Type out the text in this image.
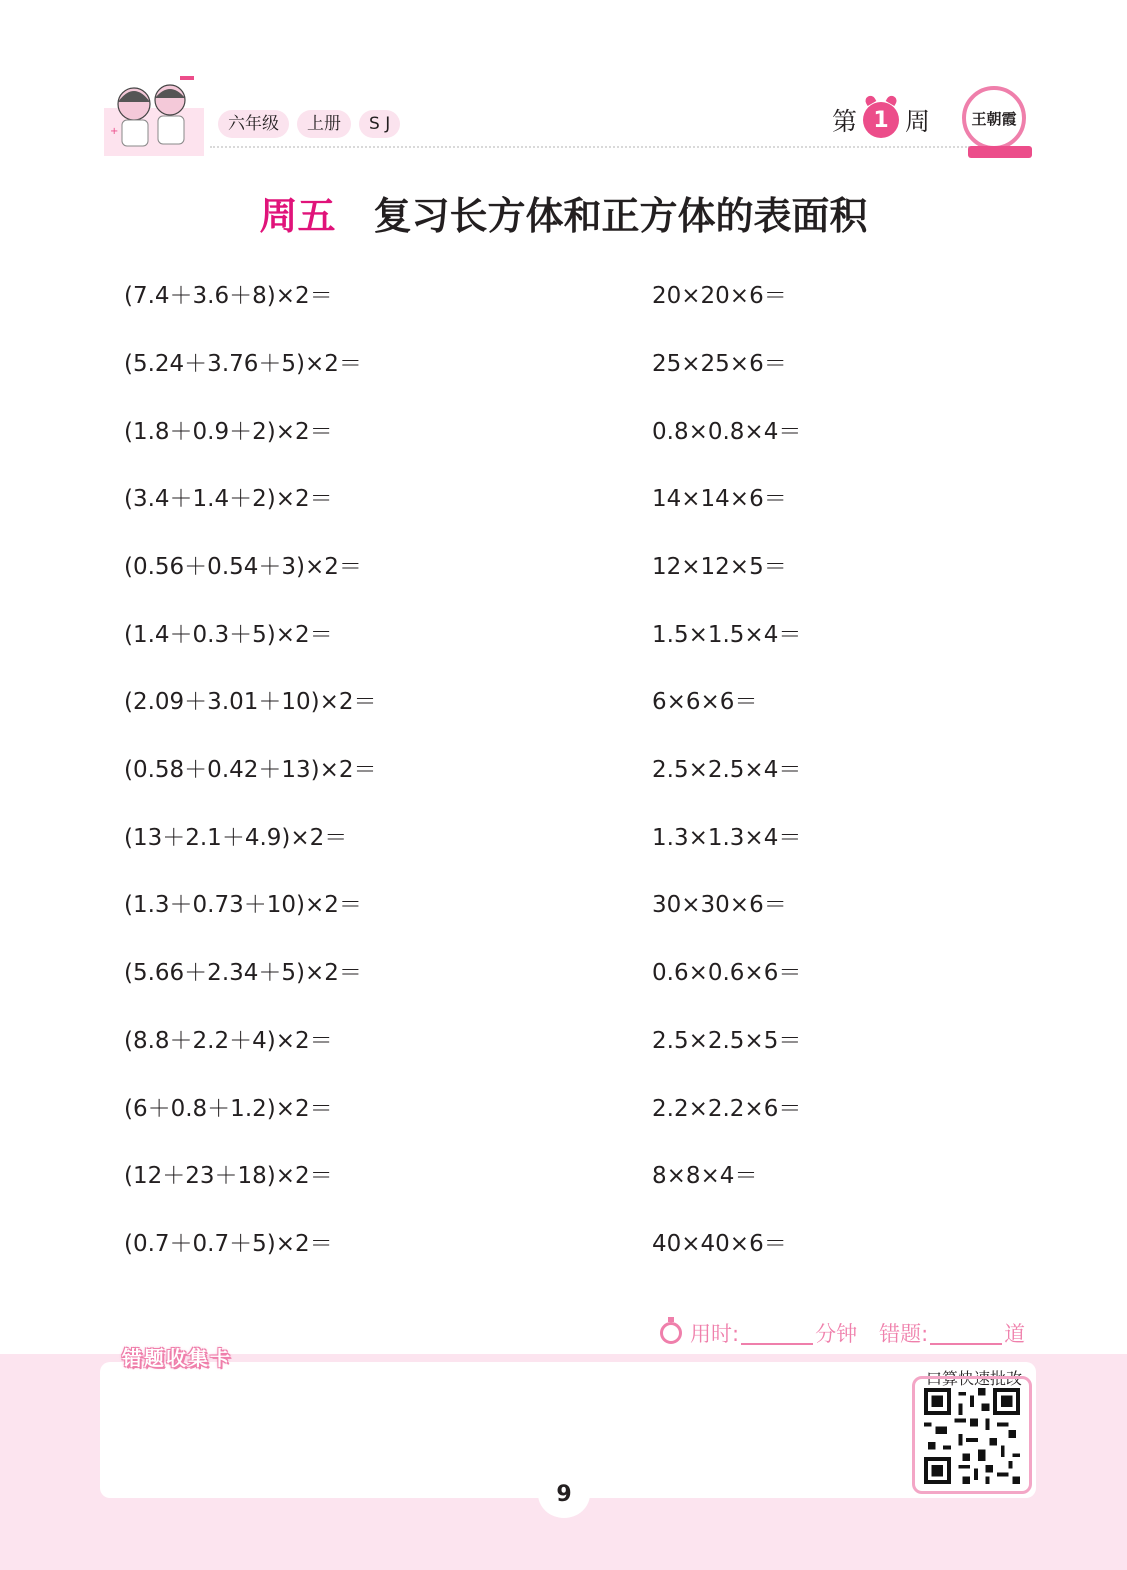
+	六年级	上册	S J	第 1 周	王朝霞
周五 复习长方体和正方体的表面积
(7.4＋3.6＋8)×2＝
(5.24＋3.76＋5)×2＝
(1.8＋0.9＋2)×2＝
(3.4＋1.4＋2)×2＝
(0.56＋0.54＋3)×2＝
(1.4＋0.3＋5)×2＝
(2.09＋3.01＋10)×2＝
(0.58＋0.42＋13)×2＝
(13＋2.1＋4.9)×2＝
(1.3＋0.73＋10)×2＝
(5.66＋2.34＋5)×2＝
(8.8＋2.2＋4)×2＝
(6＋0.8＋1.2)×2＝
(12＋23＋18)×2＝
(0.7＋0.7＋5)×2＝
20×20×6＝
25×25×6＝
0.8×0.8×4＝
14×14×6＝
12×12×5＝
1.5×1.5×4＝
6×6×6＝
2.5×2.5×4＝
1.3×1.3×4＝
30×30×6＝
0.6×0.6×6＝
2.5×2.5×5＝
2.2×2.2×6＝
8×8×4＝
40×40×6＝
用时:	分钟 错题:	道
错题收集卡
口算快速批改
9
